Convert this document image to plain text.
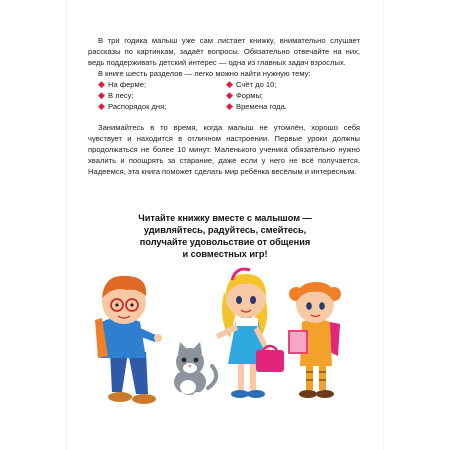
В три годика малыш уже сам листает книжку, внимательно слушает рассказы по картинкам, задаёт вопросы. Обязательно отвечайте на них, ведь поддерживать детский интерес — одна из главных задач взрослых.

В книге шесть разделов — легко можно найти нужную тему:

◆ На ферме;
◆ В лесу;
◆ Распорядок дня;
◆ Счёт до 10;
◆ Формы;
◆ Времена года.

Занимайтесь в то время, когда малыш не утомлён, хорошо себя чувствует и находится в отличном настроении. Первые уроки должны продолжаться не более 10 минут. Маленького ученика обязательно нужно хвалить и поощрять за старание, даже если у него не всё получается. Надеемся, эта книга поможет сделать мир ребёнка весёлым и интересным.

Читайте книжку вместе с малышом —
удивляйтесь, радуйтесь, смейтесь,
получайте удовольствие от общения
и совместных игр!
